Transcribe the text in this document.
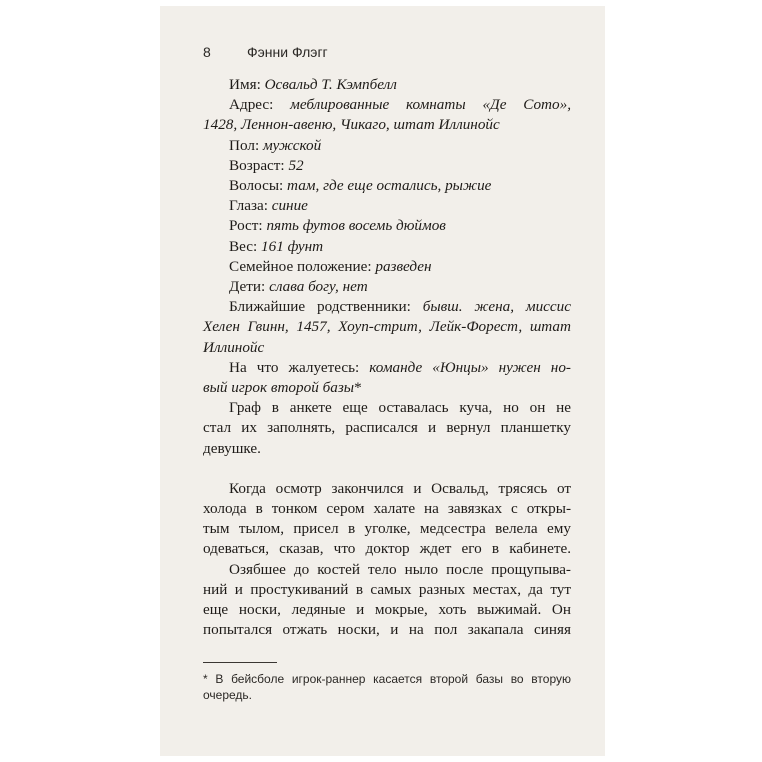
8	Фэнни Флэгг

Имя: Освальд Т. Кэмпбелл

Адрес: меблированные комнаты «Де Сото»,

1428, Леннон-авеню, Чикаго, штат Иллинойс

Пол: мужской

Возраст: 52

Волосы: там, где еще остались, рыжие

Глаза: синие

Рост: пять футов восемь дюймов

Вес: 161 фунт

Семейное положение: разведен

Дети: слава богу, нет

Ближайшие родственники: бывш. жена, миссис

Хелен Гвинн, 1457, Хоуп-стрит, Лейк-Форест, штат

Иллинойс

На что жалуетесь: команде «Юнцы» нужен но-

вый игрок второй базы*

Граф в анкете еще оставалась куча, но он не

стал их заполнять, расписался и вернул планшетку

девушке.

Когда осмотр закончился и Освальд, трясясь от

холода в тонком сером халате на завязках с откры-

тым тылом, присел в уголке, медсестра велела ему

одеваться, сказав, что доктор ждет его в кабинете.

Озябшее до костей тело ныло после прощупыва-

ний и простукиваний в самых разных местах, да тут

еще носки, ледяные и мокрые, хоть выжимай. Он

попытался отжать носки, и на пол закапала синяя

* В бейсболе игрок-раннер касается второй базы во вторую

очередь.
